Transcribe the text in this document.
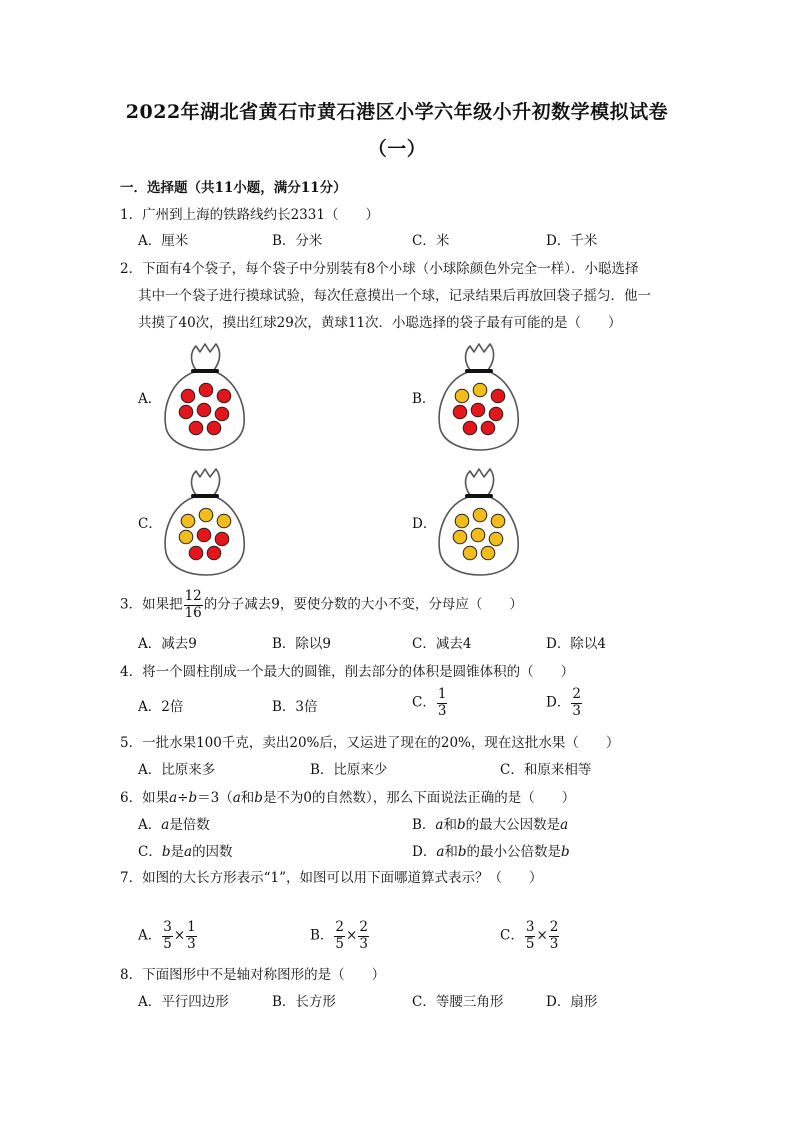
2022年湖北省黄石市黄石港区小学六年级小升初数学模拟试卷
（一）
一．选择题（共11小题，满分11分）
1．广州到上海的铁路线约长2331（　　）
A．厘米	B．分米	C．米	D．千米
2．下面有4个袋子，每个袋子中分别装有8个小球（小球除颜色外完全一样）．小聪选择
其中一个袋子进行摸球试验，每次任意摸出一个球，记录结果后再放回袋子摇匀．他一
共摸了40次，摸出红球29次，黄球11次．小聪选择的袋子最有可能的是（　　）
A．	B．
C．	D．
3．如果把 $\frac{12}{16}$ 的分子减去9，要使分数的大小不变，分母应（　　）
A．减去9	B．除以9	C．减去4	D．除以4
4．将一个圆柱削成一个最大的圆锥，削去部分的体积是圆锥体积的（　　）
A．2倍	B．3倍	C． $\frac{1}{3}$	D． $\frac{2}{3}$
5．一批水果100千克，卖出20%后，又运进了现在的20%，现在这批水果（　　）
A．比原来多	B．比原来少	C．和原来相等
6．如果a÷b＝3（a和b是不为0的自然数），那么下面说法正确的是（　　）
A．a是倍数	B．a和b的最大公因数是a
C．b是a的因数	D．a和b的最小公倍数是b
7．如图的大长方形表示“1”，如图可以用下面哪道算式表示？（　　）
A． $\frac{3}{5} \times \frac{1}{3}$	B． $\frac{2}{5} \times \frac{2}{3}$	C． $\frac{3}{5} \times \frac{2}{3}$
8．下面图形中不是轴对称图形的是（　　）
A．平行四边形	B．长方形	C．等腰三角形	D．扇形
